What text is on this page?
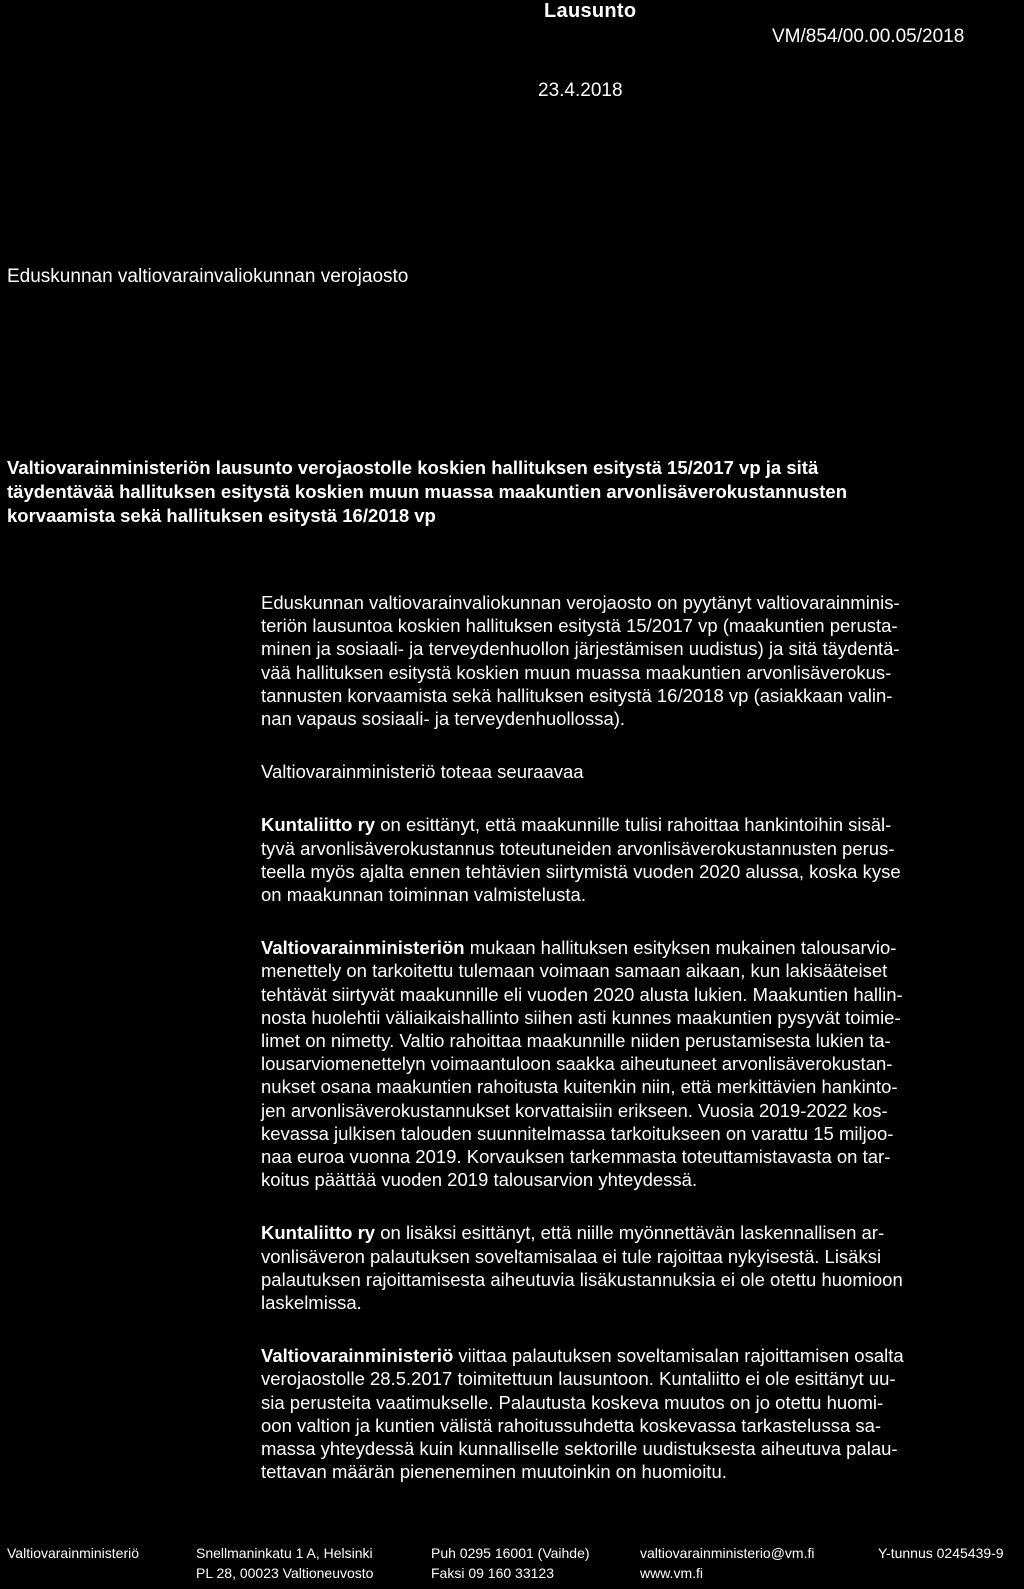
Lausunto
VM/854/00.00.05/2018
23.4.2018
Eduskunnan valtiovarainvaliokunnan verojaosto
Valtiovarainministeriön lausunto verojaostolle koskien hallituksen esitystä 15/2017 vp ja sitä
täydentävää hallituksen esitystä koskien muun muassa maakuntien arvonlisäverokustannusten
korvaamista sekä hallituksen esitystä 16/2018 vp
Eduskunnan valtiovarainvaliokunnan verojaosto on pyytänyt valtiovarainminis-
teriön lausuntoa koskien hallituksen esitystä 15/2017 vp (maakuntien perusta-
minen ja sosiaali- ja terveydenhuollon järjestämisen uudistus) ja sitä täydentä-
vää hallituksen esitystä koskien muun muassa maakuntien arvonlisäverokus-
tannusten korvaamista sekä hallituksen esitystä 16/2018 vp (asiakkaan valin-
nan vapaus sosiaali- ja terveydenhuollossa).
Valtiovarainministeriö toteaa seuraavaa
Kuntaliitto ry on esittänyt, että maakunnille tulisi rahoittaa hankintoihin sisäl-
tyvä arvonlisäverokustannus toteutuneiden arvonlisäverokustannusten perus-
teella myös ajalta ennen tehtävien siirtymistä vuoden 2020 alussa, koska kyse
on maakunnan toiminnan valmistelusta.
Valtiovarainministeriön mukaan hallituksen esityksen mukainen talousarvio-
menettely on tarkoitettu tulemaan voimaan samaan aikaan, kun lakisääteiset
tehtävät siirtyvät maakunnille eli vuoden 2020 alusta lukien. Maakuntien hallin-
nosta huolehtii väliaikaishallinto siihen asti kunnes maakuntien pysyvät toimie-
limet on nimetty. Valtio rahoittaa maakunnille niiden perustamisesta lukien ta-
lousarviomenettelyn voimaantuloon saakka aiheutuneet arvonlisäverokustan-
nukset osana maakuntien rahoitusta kuitenkin niin, että merkittävien hankinto-
jen arvonlisäverokustannukset korvattaisiin erikseen. Vuosia 2019-2022 kos-
kevassa julkisen talouden suunnitelmassa tarkoitukseen on varattu 15 miljoo-
naa euroa vuonna 2019. Korvauksen tarkemmasta toteuttamistavasta on tar-
koitus päättää vuoden 2019 talousarvion yhteydessä.
Kuntaliitto ry on lisäksi esittänyt, että niille myönnettävän laskennallisen ar-
vonlisäveron palautuksen soveltamisalaa ei tule rajoittaa nykyisestä. Lisäksi
palautuksen rajoittamisesta aiheutuvia lisäkustannuksia ei ole otettu huomioon
laskelmissa.
Valtiovarainministeriö viittaa palautuksen soveltamisalan rajoittamisen osalta
verojaostolle 28.5.2017 toimitettuun lausuntoon. Kuntaliitto ei ole esittänyt uu-
sia perusteita vaatimukselle. Palautusta koskeva muutos on jo otettu huomi-
oon valtion ja kuntien välistä rahoitussuhdetta koskevassa tarkastelussa sa-
massa yhteydessä kuin kunnalliselle sektorille uudistuksesta aiheutuva palau-
tettavan määrän pieneneminen muutoinkin on huomioitu.
Valtiovarainministeriö	Snellmaninkatu 1 A, Helsinki
PL 28, 00023 Valtioneuvosto
Puh 0295 16001 (Vaihde)
Faksi 09 160 33123
valtiovarainministerio@vm.fi
www.vm.fi
Y-tunnus 0245439-9
